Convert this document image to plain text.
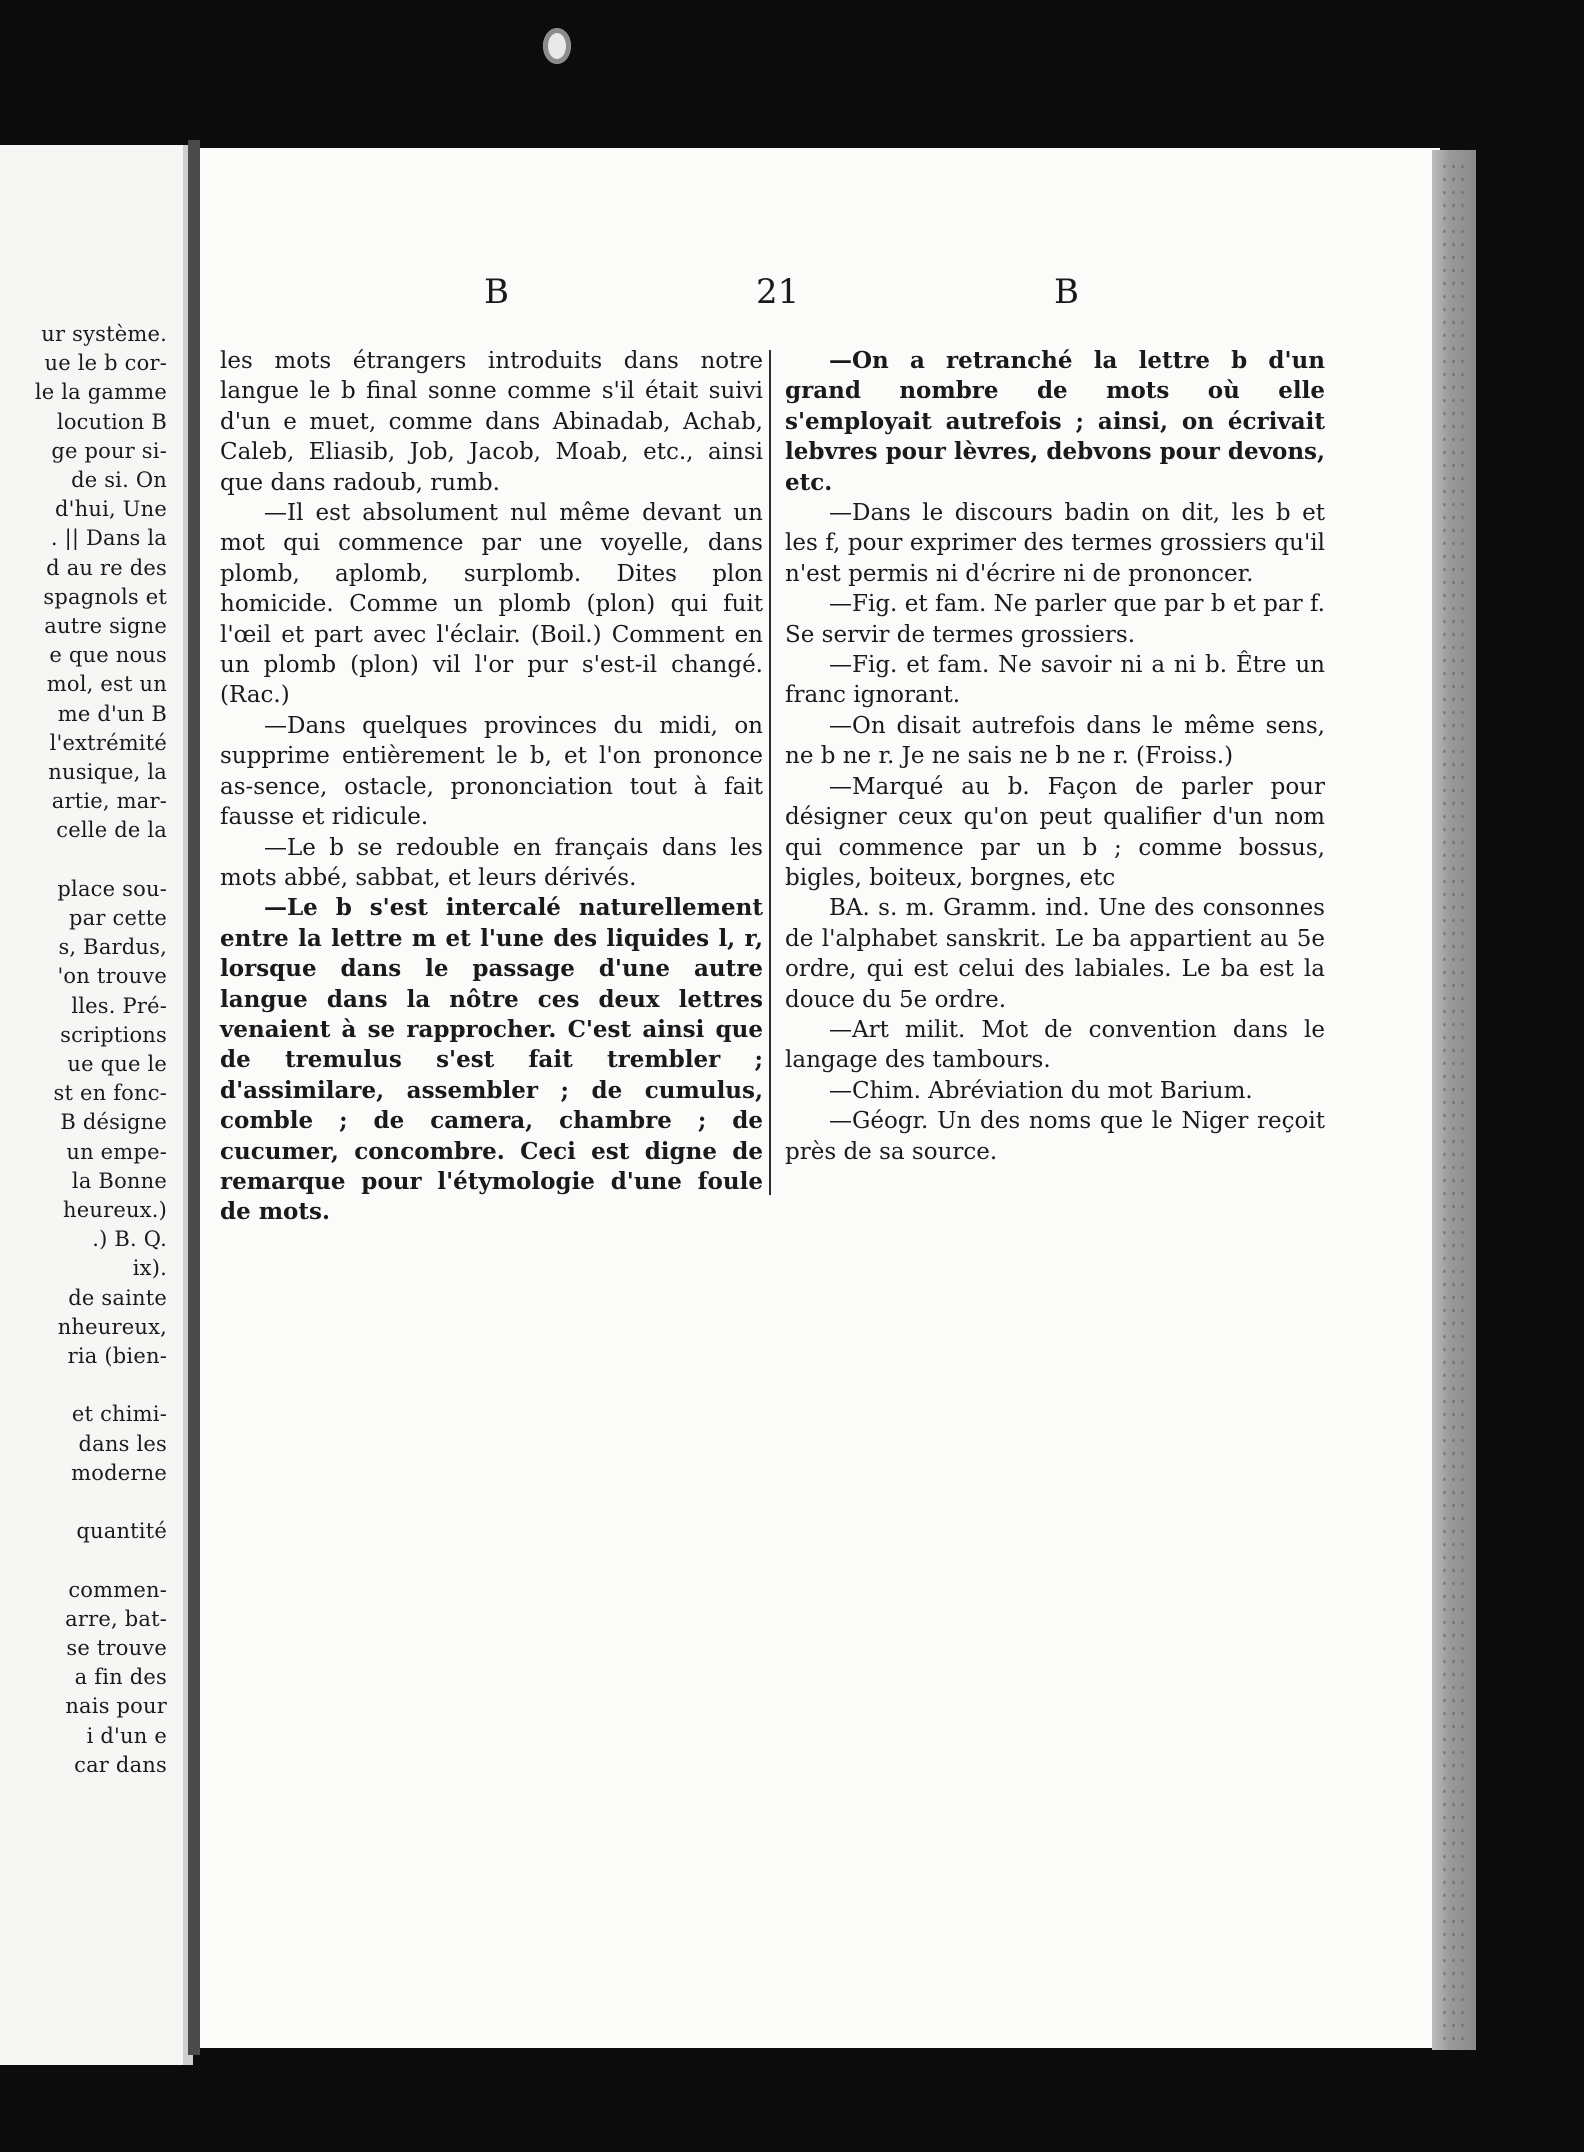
ur système.
ue le b cor-
le la gamme
locution B
ge pour si-
de si. On
d'hui, Une
. || Dans la
d au re des
spagnols et
autre signe
e que nous
mol, est un
me d'un B
l'extrémité
nusique, la
artie, mar-
celle de la
place sou-
par cette
s, Bardus,
'on trouve
lles. Pré-
scriptions
ue que le
st en fonc-
B désigne
un empe-
la Bonne
heureux.)
.) B. Q.
ix).
de sainte
nheureux,
ria (bien-
et chimi-
dans les
moderne
quantité
commen-
arre, bat-
se trouve
a fin des
nais pour
i d'un e
car dans
B	21	B

les mots étrangers introduits dans notre langue le b final sonne comme s'il était suivi d'un e muet, comme dans Abinadab, Achab, Caleb, Eliasib, Job, Jacob, Moab, etc., ainsi que dans radoub, rumb.

—Il est absolument nul même devant un mot qui commence par une voyelle, dans plomb, aplomb, surplomb. Dites plon homicide. Comme un plomb (plon) qui fuit l'œil et part avec l'éclair. (Boil.) Comment en un plomb (plon) vil l'or pur s'est-il changé. (Rac.)

—Dans quelques provinces du midi, on supprime entièrement le b, et l'on prononce as-sence, ostacle, prononciation tout à fait fausse et ridicule.

—Le b se redouble en français dans les mots abbé, sabbat, et leurs dérivés.

—Le b s'est intercalé naturellement entre la lettre m et l'une des liquides l, r, lorsque dans le passage d'une autre langue dans la nôtre ces deux lettres venaient à se rapprocher. C'est ainsi que de tremulus s'est fait trembler ; d'assimilare, assembler ; de cumulus, comble ; de camera, chambre ; de cucumer, concombre. Ceci est digne de remarque pour l'étymologie d'une foule de mots.

—On a retranché la lettre b d'un grand nombre de mots où elle s'employait autrefois ; ainsi, on écrivait lebvres pour lèvres, debvons pour devons, etc.

—Dans le discours badin on dit, les b et les f, pour exprimer des termes grossiers qu'il n'est permis ni d'écrire ni de prononcer.

—Fig. et fam. Ne parler que par b et par f. Se servir de termes grossiers.

—Fig. et fam. Ne savoir ni a ni b. Être un franc ignorant.

—On disait autrefois dans le même sens, ne b ne r. Je ne sais ne b ne r. (Froiss.)

—Marqué au b. Façon de parler pour désigner ceux qu'on peut qualifier d'un nom qui commence par un b ; comme bossus, bigles, boiteux, borgnes, etc

BA. s. m. Gramm. ind. Une des consonnes de l'alphabet sanskrit. Le ba appartient au 5e ordre, qui est celui des labiales. Le ba est la douce du 5e ordre.

—Art milit. Mot de convention dans le langage des tambours.

—Chim. Abréviation du mot Barium.

—Géogr. Un des noms que le Niger reçoit près de sa source.
